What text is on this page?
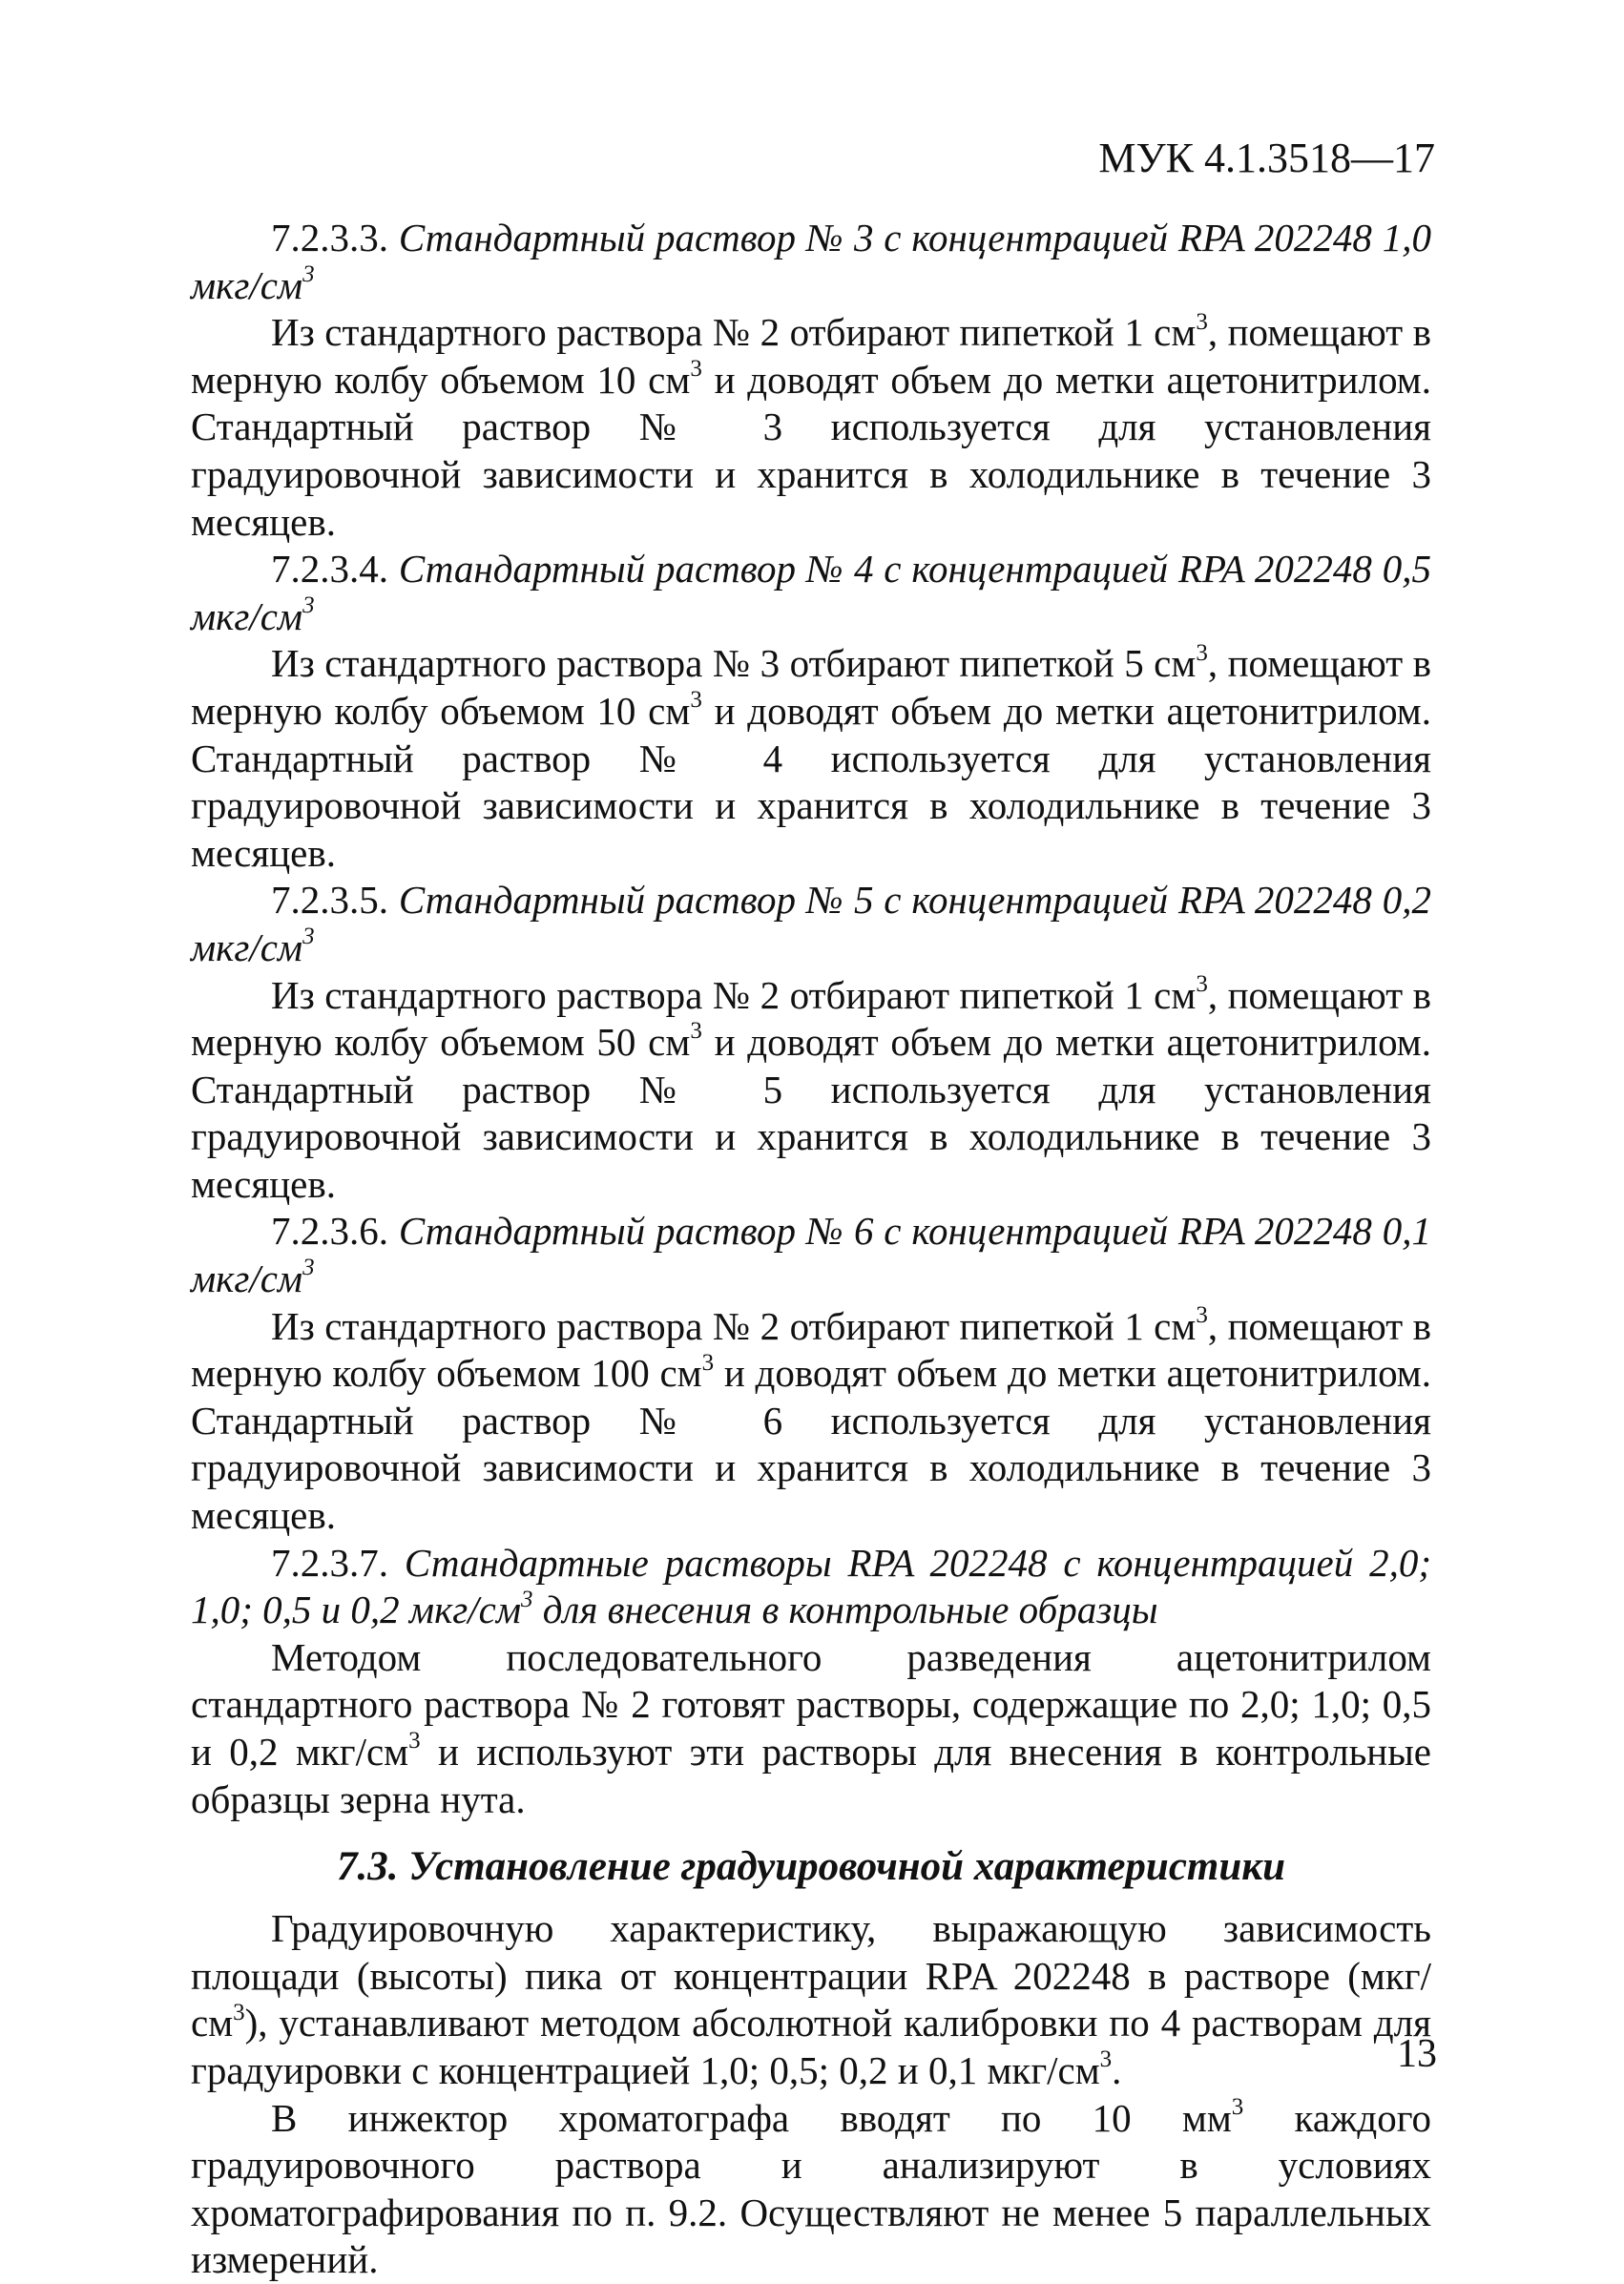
МУК 4.1.3518—17

7.2.3.3. Стандартный раствор № 3 с концентрацией RPA 202248 1,0 мкг/$см^3$

Из стандартного раствора № 2 отбирают пипеткой 1 $см^3$, помещают в мерную колбу объемом 10 $см^3$ и доводят объем до метки ацетонитрилом. Стандартный раствор № 3 используется для установления градуировочной зависимости и хранится в холодильнике в течение 3 месяцев.

7.2.3.4. Стандартный раствор № 4 с концентрацией RPA 202248 0,5 мкг/$см^3$

Из стандартного раствора № 3 отбирают пипеткой 5 $см^3$, помещают в мерную колбу объемом 10 $см^3$ и доводят объем до метки ацетонитрилом. Стандартный раствор № 4 используется для установления градуировочной зависимости и хранится в холодильнике в течение 3 месяцев.

7.2.3.5. Стандартный раствор № 5 с концентрацией RPA 202248 0,2 мкг/$см^3$

Из стандартного раствора № 2 отбирают пипеткой 1 $см^3$, помещают в мерную колбу объемом 50 $см^3$ и доводят объем до метки ацетонитрилом. Стандартный раствор № 5 используется для установления градуировочной зависимости и хранится в холодильнике в течение 3 месяцев.

7.2.3.6. Стандартный раствор № 6 с концентрацией RPA 202248 0,1 мкг/$см^3$

Из стандартного раствора № 2 отбирают пипеткой 1 $см^3$, помещают в мерную колбу объемом 100 $см^3$ и доводят объем до метки ацетонитрилом. Стандартный раствор № 6 используется для установления градуировочной зависимости и хранится в холодильнике в течение 3 месяцев.

7.2.3.7. Стандартные растворы RPA 202248 с концентрацией 2,0; 1,0; 0,5 и 0,2 мкг/$см^3$ для внесения в контрольные образцы

Методом последовательного разведения ацетонитрилом стандартного раствора № 2 готовят растворы, содержащие по 2,0; 1,0; 0,5 и 0,2 мкг/$см^3$ и используют эти растворы для внесения в контрольные образцы зерна нута.

7.3. Установление градуировочной характеристики

Градуировочную характеристику, выражающую зависимость площади (высоты) пика от концентрации RPA 202248 в растворе $(мкг/см^3)$, устанавливают методом абсолютной калибровки по 4 растворам для градуировки с концентрацией 1,0; 0,5; 0,2 и 0,1 мкг/$см^3$.

В инжектор хроматографа вводят по 10 $мм^3$ каждого градуировочного раствора и анализируют в условиях хроматографирования по п. 9.2. Осуществляют не менее 5 параллельных измерений.

13
